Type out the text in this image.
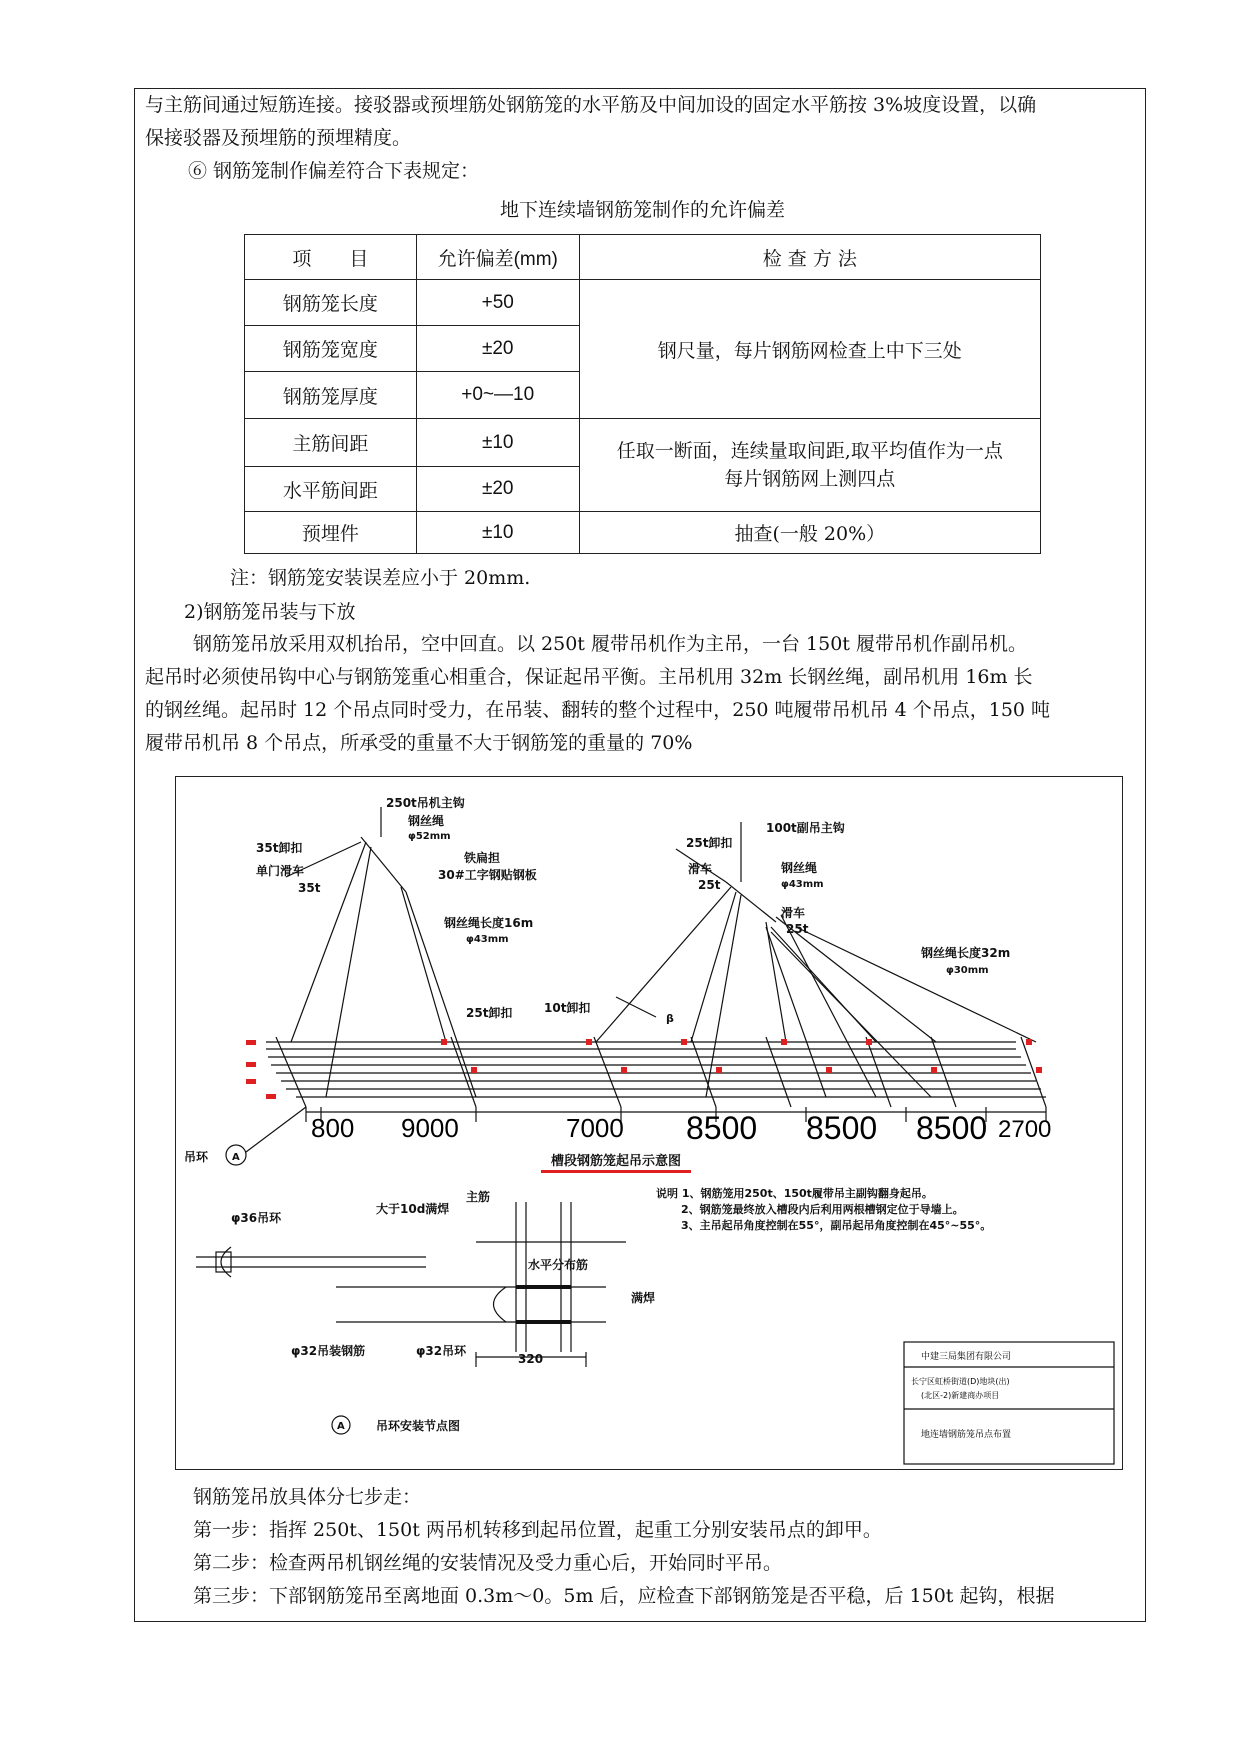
与主筋间通过短筋连接。接驳器或预埋筋处钢筋笼的水平筋及中间加设的固定水平筋按 3%坡度设置，以确

保接驳器及预埋筋的预埋精度。

⑥ 钢筋笼制作偏差符合下表规定：

地下连续墙钢筋笼制作的允许偏差

项　　目	允许偏差(mm)	检 查 方 法
钢筋笼长度	+50	钢尺量，每片钢筋网检查上中下三处
钢筋笼宽度	±20	
钢筋笼厚度	+0~—10	
主筋间距	±10	任取一断面，连续量取间距,取平均值作为一点
每片钢筋网上测四点

水平筋间距	±20	
预埋件	±10	抽查(一般 20%）

注：钢筋笼安装误差应小于 20mm.

2)钢筋笼吊装与下放

钢筋笼吊放采用双机抬吊，空中回直。以 250t 履带吊机作为主吊，一台 150t 履带吊机作副吊机。

起吊时必须使吊钩中心与钢筋笼重心相重合，保证起吊平衡。主吊机用 32m 长钢丝绳，副吊机用 16m 长

的钢丝绳。起吊时 12 个吊点同时受力，在吊装、翻转的整个过程中，250 吨履带吊机吊 4 个吊点，150 吨

履带吊机吊 8 个吊点，所承受的重量不大于钢筋笼的重量的 70%

250t吊机主钩
钢丝绳
φ52mm
35t卸扣
单门滑车
35t
铁扁担
30#工字钢贴钢板
钢丝绳长度16m
φ43mm
25t卸扣	10t卸扣
25t卸扣
滑车
25t
100t副吊主钩
钢丝绳
φ43mm
滑车
25t
钢丝绳长度32m
φ30mm
β
800 9000	7000 8500 8500 8500 2700
吊环 A	槽段钢筋笼起吊示意图
说明 1、钢筋笼用250t、150t履带吊主副钩翻身起吊。
2、钢筋笼最终放入槽段内后利用两根槽钢定位于导墙上。
3、主吊起吊角度控制在55°，副吊起吊角度控制在45°~55°。
φ36吊环
大于10d满焊
主筋
水平分布筋
满焊
φ32吊装钢筋	φ32吊环
320
A	吊环安装节点图
中建三局集团有限公司
长宁区虹桥街道(D)地块(出)
(北区-2)新建商办项目
地连墙钢筋笼吊点布置

钢筋笼吊放具体分七步走：

第一步：指挥 250t、150t 两吊机转移到起吊位置，起重工分别安装吊点的卸甲。

第二步：检查两吊机钢丝绳的安装情况及受力重心后，开始同时平吊。

第三步：下部钢筋笼吊至离地面 0.3m～0。5m 后，应检查下部钢筋笼是否平稳，后 150t 起钩，根据
